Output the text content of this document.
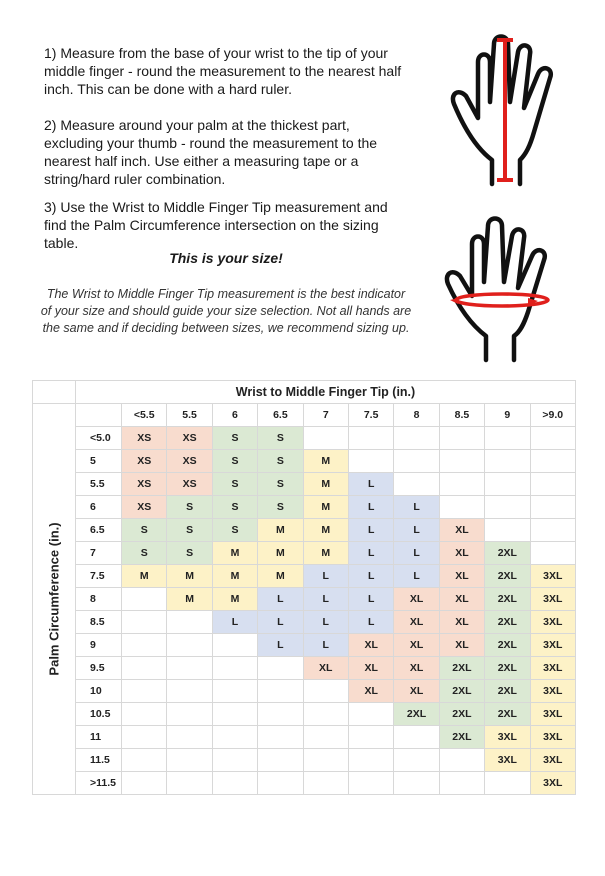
1) Measure from the base of your wrist to the tip of your middle finger - round the measurement to the nearest half inch. This can be done with a hard ruler.

2) Measure around your palm at the thickest part, excluding your thumb - round the measurement to the nearest half inch. Use either a measuring tape or a string/hard ruler combination.

3) Use the Wrist to Middle Finger Tip measurement and find the Palm Circumference intersection on the sizing table.

This is your size!

The Wrist to Middle Finger Tip measurement is the best indicator of your size and should guide your size selection. Not all hands are the same and if deciding between sizes, we recommend sizing up.

	Wrist to Middle Finger Tip (in.)										

Palm Circumference (in.)		<5.5	5.5	6	6.5	7	7.5	8	8.5	9	>9.0
	<5.0	XS	XS	S	S						
	5	XS	XS	S	S	M					
	5.5	XS	XS	S	S	M	L				
	6	XS	S	S	S	M	L	L			
	6.5	S	S	S	M	M	L	L	XL		
	7	S	S	M	M	M	L	L	XL	2XL	
	7.5	M	M	M	M	L	L	L	XL	2XL	3XL
	8		M	M	L	L	L	XL	XL	2XL	3XL
	8.5			L	L	L	L	XL	XL	2XL	3XL
	9				L	L	XL	XL	XL	2XL	3XL
	9.5					XL	XL	XL	2XL	2XL	3XL
	10						XL	XL	2XL	2XL	3XL
	10.5							2XL	2XL	2XL	3XL
	11								2XL	3XL	3XL
	11.5									3XL	3XL
	>11.5										3XL
